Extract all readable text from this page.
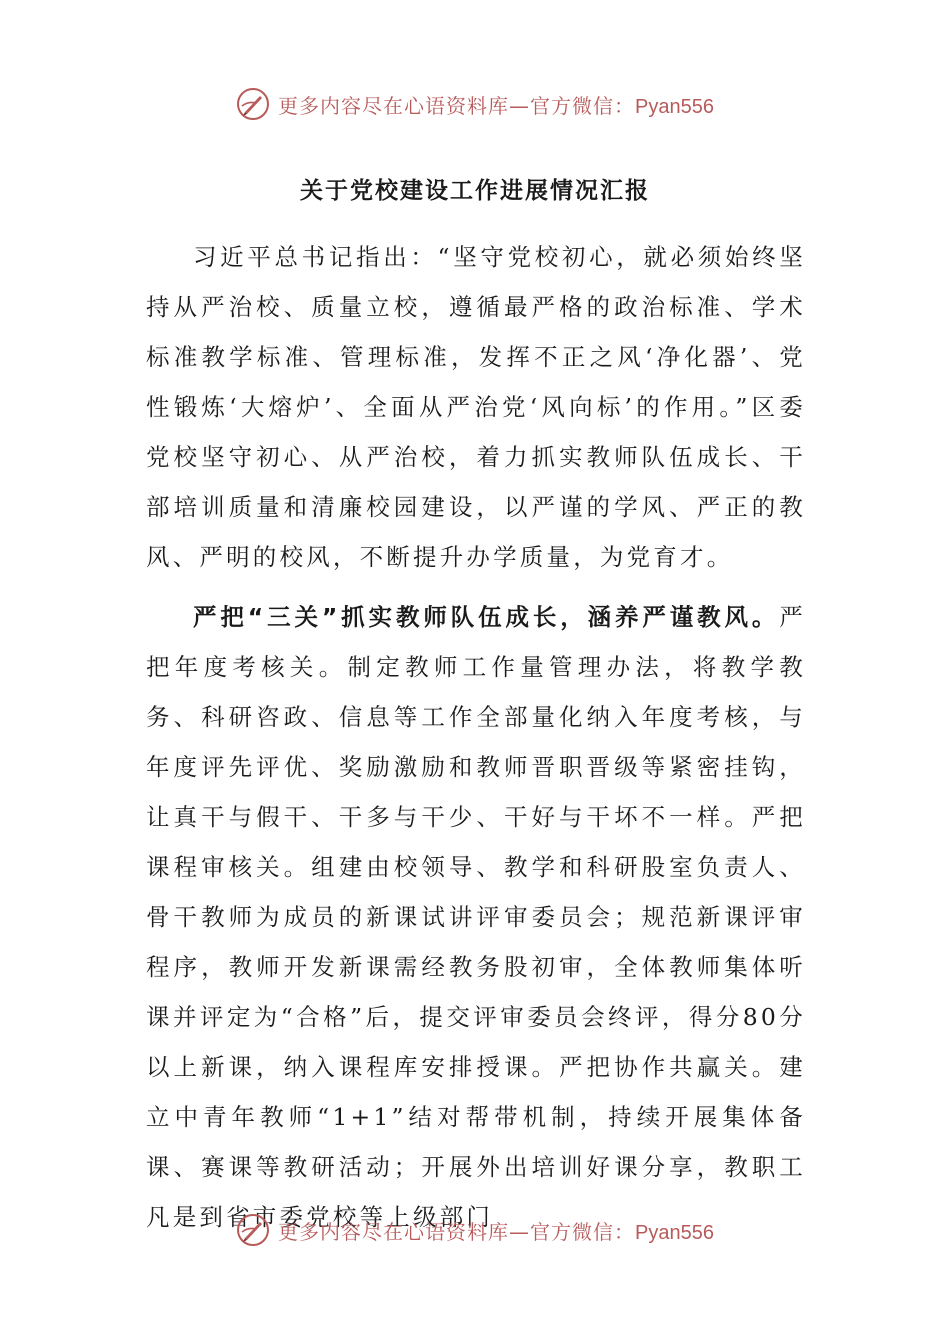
更多内容尽在心语资料库—官方微信：Pyan556
关于党校建设工作进展情况汇报

习近平总书记指出：“坚守党校初心，就必须始终坚持从严治校、质量立校，遵循最严格的政治标准、学术标准教学标准、管理标准，发挥不正之风‘净化器’、党性锻炼‘大熔炉’、全面从严治党‘风向标’的作用。”区委党校坚守初心、从严治校，着力抓实教师队伍成长、干部培训质量和清廉校园建设，以严谨的学风、严正的教风、严明的校风，不断提升办学质量，为党育才。

严把“三关”抓实教师队伍成长，涵养严谨教风。严把年度考核关。制定教师工作量管理办法，将教学教务、科研咨政、信息等工作全部量化纳入年度考核，与年度评先评优、奖励激励和教师晋职晋级等紧密挂钩，让真干与假干、干多与干少、干好与干坏不一样。严把课程审核关。组建由校领导、教学和科研股室负责人、骨干教师为成员的新课试讲评审委员会；规范新课评审程序，教师开发新课需经教务股初审，全体教师集体听课并评定为“合格”后，提交评审委员会终评，得分80分以上新课，纳入课程库安排授课。严把协作共赢关。建立中青年教师“1+1”结对帮带机制，持续开展集体备课、赛课等教研活动；开展外出培训好课分享，教职工凡是到省市委党校等上级部门

更多内容尽在心语资料库—官方微信：Pyan556
